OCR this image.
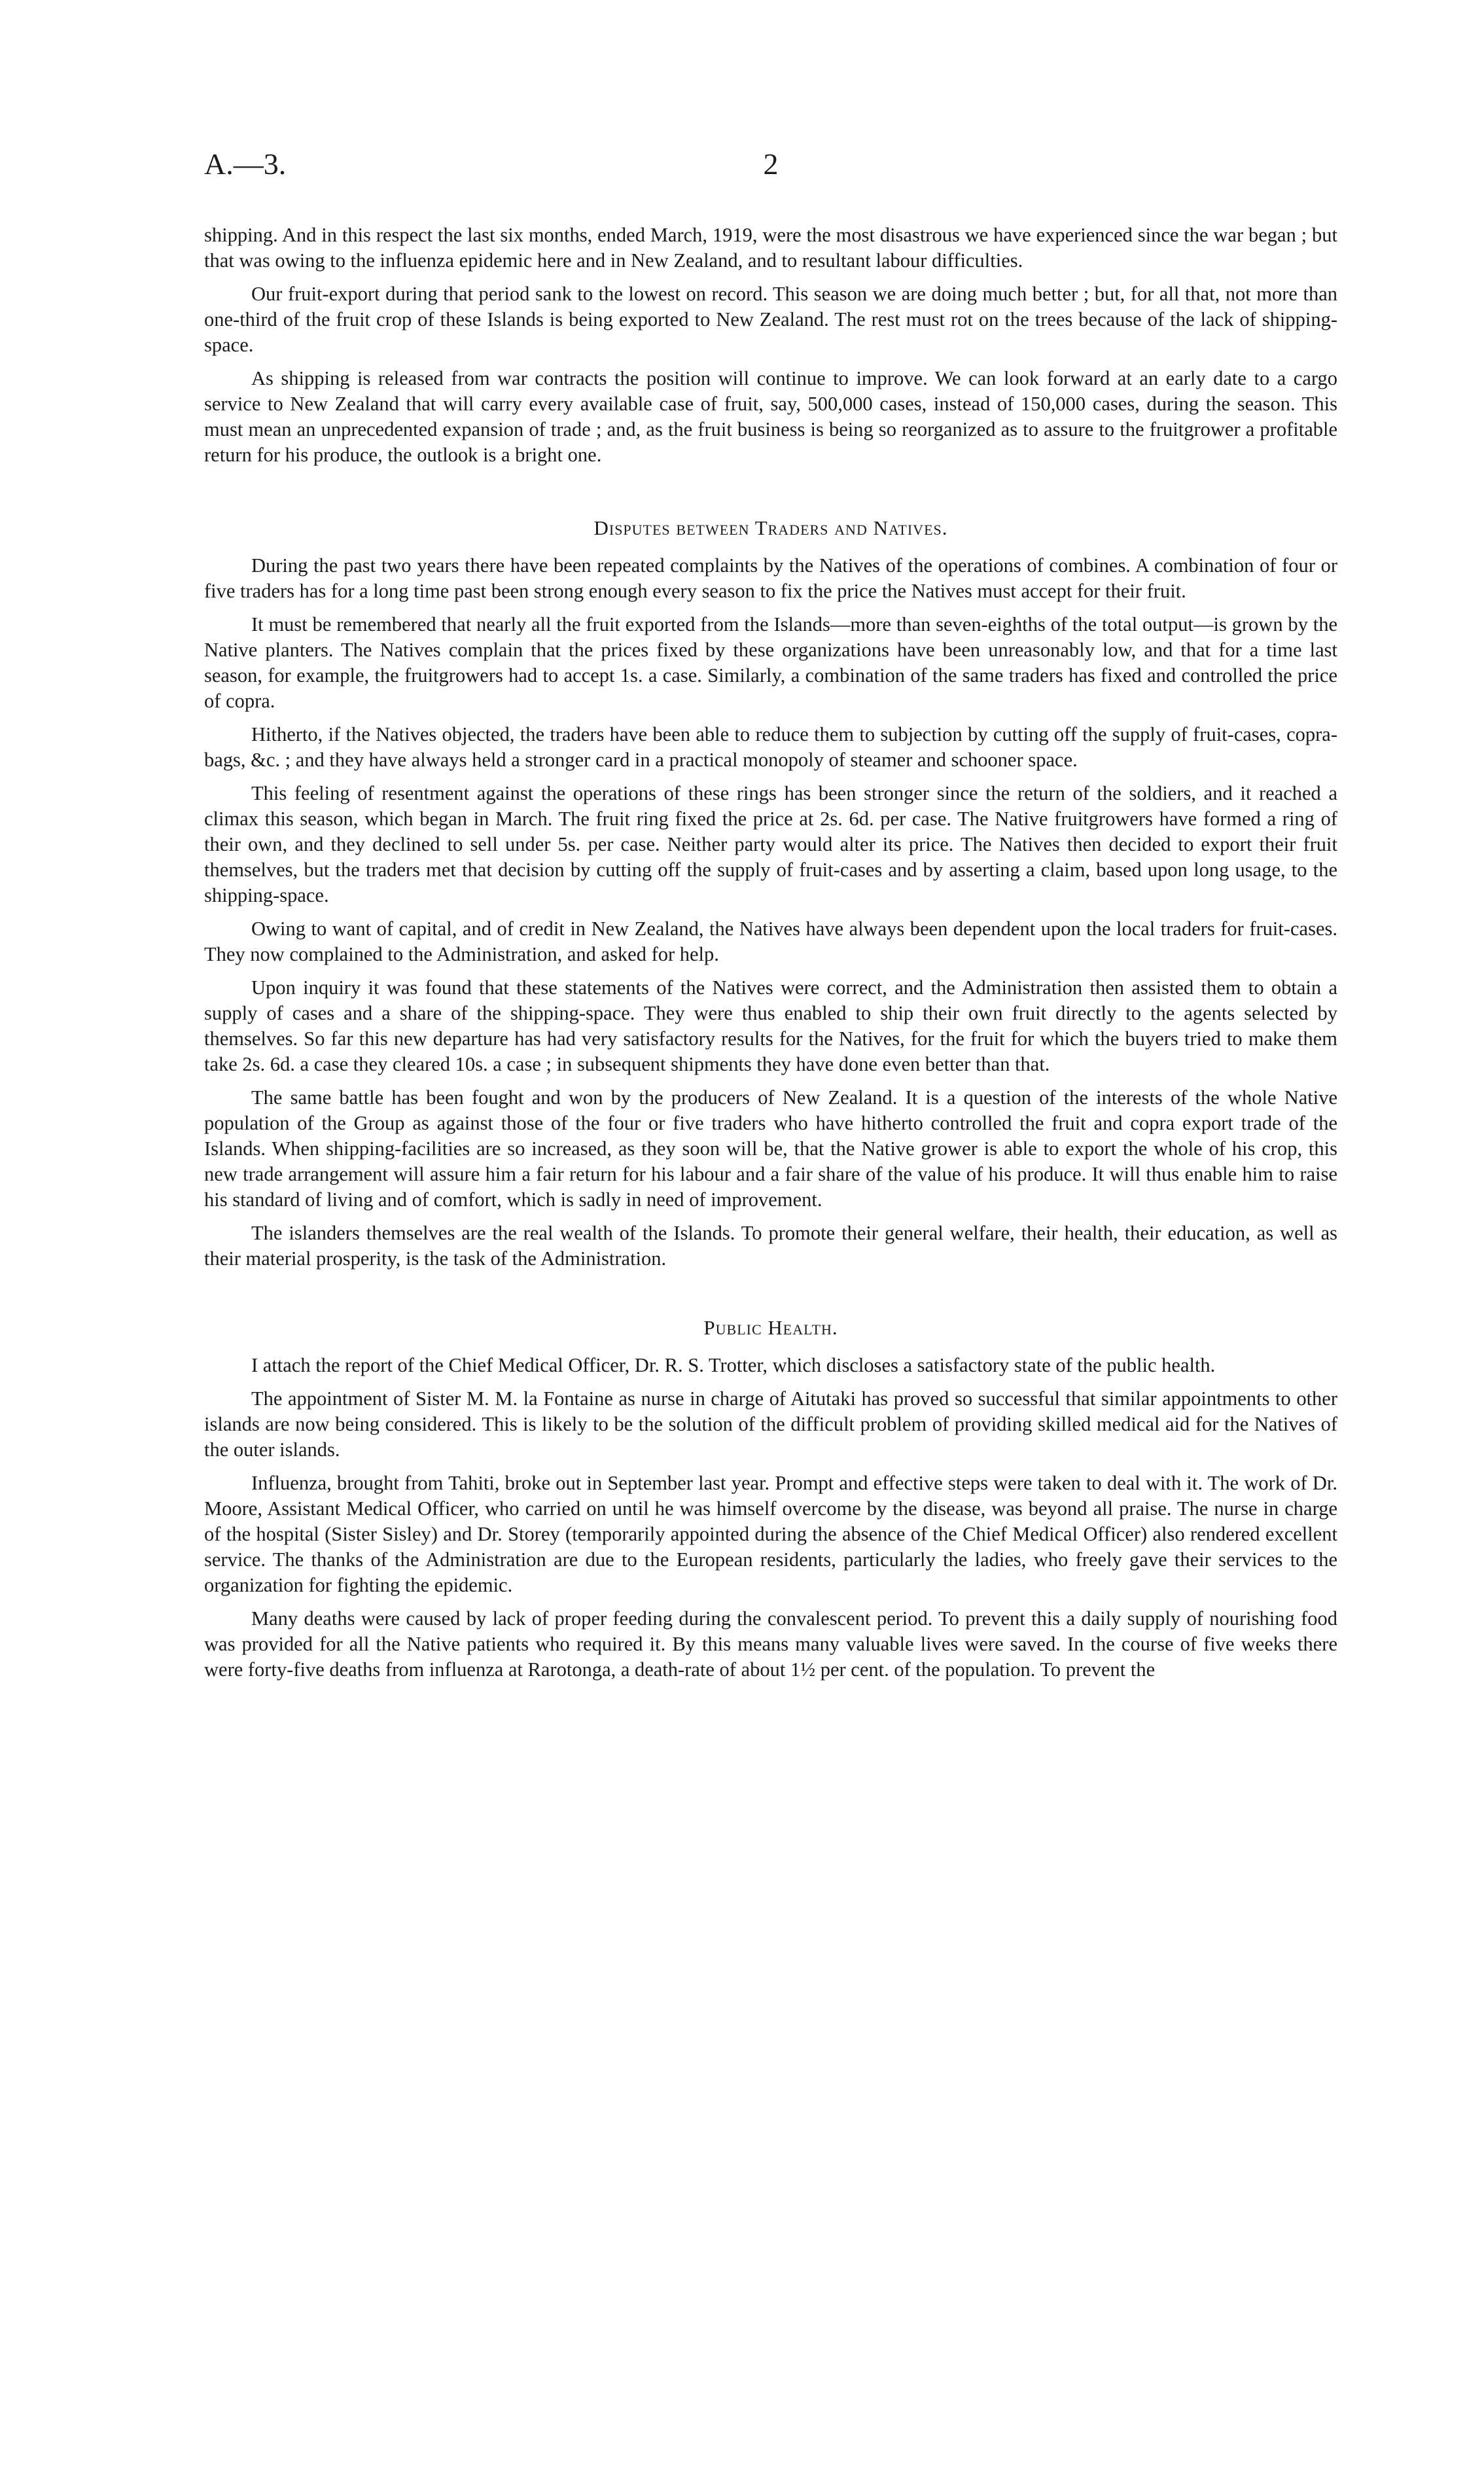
A.—3.	2

shipping. And in this respect the last six months, ended March, 1919, were the most disastrous we have experienced since the war began ; but that was owing to the influenza epidemic here and in New Zealand, and to resultant labour difficulties.

Our fruit-export during that period sank to the lowest on record. This season we are doing much better ; but, for all that, not more than one-third of the fruit crop of these Islands is being exported to New Zealand. The rest must rot on the trees because of the lack of shipping-space.

As shipping is released from war contracts the position will continue to improve. We can look forward at an early date to a cargo service to New Zealand that will carry every available case of fruit, say, 500,000 cases, instead of 150,000 cases, during the season. This must mean an unprecedented expansion of trade ; and, as the fruit business is being so reorganized as to assure to the fruitgrower a profitable return for his produce, the outlook is a bright one.

Disputes between Traders and Natives.

During the past two years there have been repeated complaints by the Natives of the operations of combines. A combination of four or five traders has for a long time past been strong enough every season to fix the price the Natives must accept for their fruit.

It must be remembered that nearly all the fruit exported from the Islands—more than seven-eighths of the total output—is grown by the Native planters. The Natives complain that the prices fixed by these organizations have been unreasonably low, and that for a time last season, for example, the fruitgrowers had to accept 1s. a case. Similarly, a combination of the same traders has fixed and controlled the price of copra.

Hitherto, if the Natives objected, the traders have been able to reduce them to subjection by cutting off the supply of fruit-cases, copra-bags, &c. ; and they have always held a stronger card in a practical monopoly of steamer and schooner space.

This feeling of resentment against the operations of these rings has been stronger since the return of the soldiers, and it reached a climax this season, which began in March. The fruit ring fixed the price at 2s. 6d. per case. The Native fruitgrowers have formed a ring of their own, and they declined to sell under 5s. per case. Neither party would alter its price. The Natives then decided to export their fruit themselves, but the traders met that decision by cutting off the supply of fruit-cases and by asserting a claim, based upon long usage, to the shipping-space.

Owing to want of capital, and of credit in New Zealand, the Natives have always been dependent upon the local traders for fruit-cases. They now complained to the Administration, and asked for help.

Upon inquiry it was found that these statements of the Natives were correct, and the Administration then assisted them to obtain a supply of cases and a share of the shipping-space. They were thus enabled to ship their own fruit directly to the agents selected by themselves. So far this new departure has had very satisfactory results for the Natives, for the fruit for which the buyers tried to make them take 2s. 6d. a case they cleared 10s. a case ; in subsequent shipments they have done even better than that.

The same battle has been fought and won by the producers of New Zealand. It is a question of the interests of the whole Native population of the Group as against those of the four or five traders who have hitherto controlled the fruit and copra export trade of the Islands. When shipping-facilities are so increased, as they soon will be, that the Native grower is able to export the whole of his crop, this new trade arrangement will assure him a fair return for his labour and a fair share of the value of his produce. It will thus enable him to raise his standard of living and of comfort, which is sadly in need of improvement.

The islanders themselves are the real wealth of the Islands. To promote their general welfare, their health, their education, as well as their material prosperity, is the task of the Administration.

Public Health.

I attach the report of the Chief Medical Officer, Dr. R. S. Trotter, which discloses a satisfactory state of the public health.

The appointment of Sister M. M. la Fontaine as nurse in charge of Aitutaki has proved so successful that similar appointments to other islands are now being considered. This is likely to be the solution of the difficult problem of providing skilled medical aid for the Natives of the outer islands.

Influenza, brought from Tahiti, broke out in September last year. Prompt and effective steps were taken to deal with it. The work of Dr. Moore, Assistant Medical Officer, who carried on until he was himself overcome by the disease, was beyond all praise. The nurse in charge of the hospital (Sister Sisley) and Dr. Storey (temporarily appointed during the absence of the Chief Medical Officer) also rendered excellent service. The thanks of the Administration are due to the European residents, particularly the ladies, who freely gave their services to the organization for fighting the epidemic.

Many deaths were caused by lack of proper feeding during the convalescent period. To prevent this a daily supply of nourishing food was provided for all the Native patients who required it. By this means many valuable lives were saved. In the course of five weeks there were forty-five deaths from influenza at Rarotonga, a death-rate of about 1½ per cent. of the population. To prevent the
